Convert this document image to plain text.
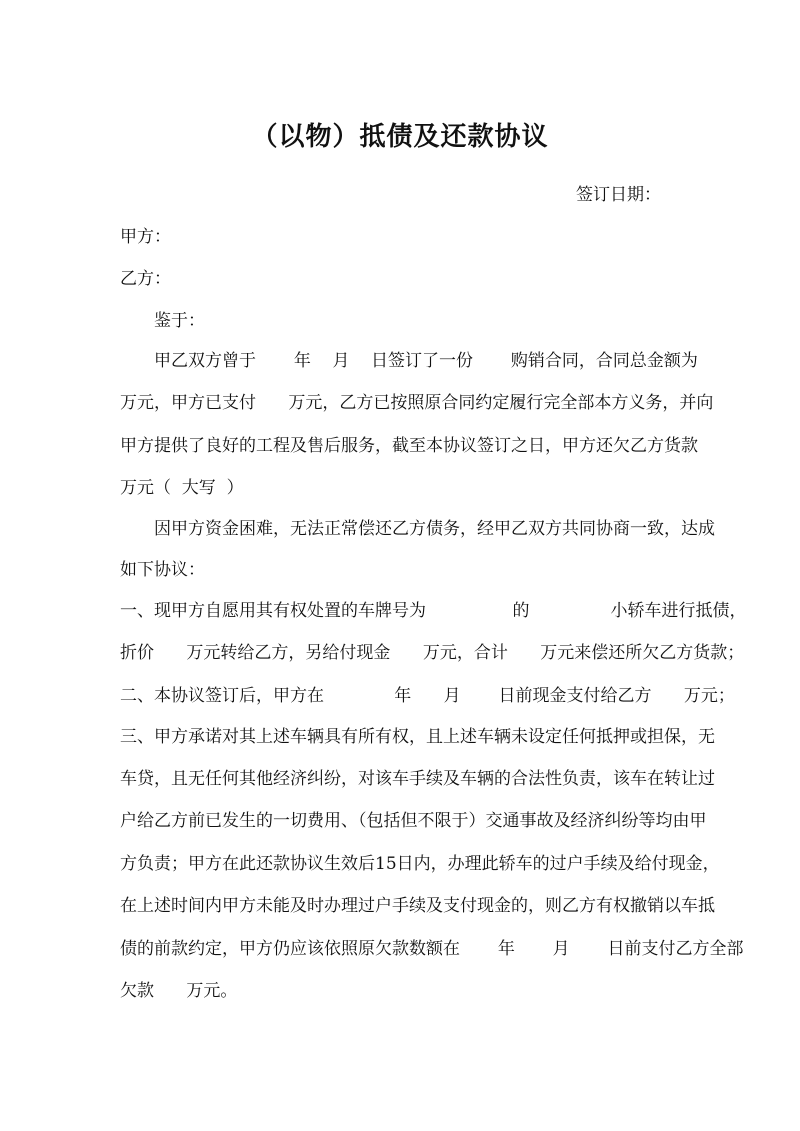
（以物）抵债及还款协议
签订日期：
甲方：
乙方：
鉴于：
甲乙双方曾于       年    月    日签订了一份       购销合同，合同总金额为
万元，甲方已支付      万元，乙方已按照原合同约定履行完全部本方义务，并向
甲方提供了良好的工程及售后服务，截至本协议签订之日，甲方还欠乙方货款
万元（  大写  ）
因甲方资金困难，无法正常偿还乙方债务，经甲乙双方共同协商一致，达成
如下协议：
一、现甲方自愿用其有权处置的车牌号为                的               小轿车进行抵债，
折价      万元转给乙方，另给付现金      万元，合计      万元来偿还所欠乙方货款；
二、本协议签订后，甲方在             年      月       日前现金支付给乙方      万元；
三、甲方承诺对其上述车辆具有所有权，且上述车辆未设定任何抵押或担保，无
车贷，且无任何其他经济纠纷，对该车手续及车辆的合法性负责，该车在转让过
户给乙方前已发生的一切费用、（包括但不限于）交通事故及经济纠纷等均由甲
方负责；甲方在此还款协议生效后15日内，办理此轿车的过户手续及给付现金，
在上述时间内甲方未能及时办理过户手续及支付现金的，则乙方有权撤销以车抵
债的前款约定，甲方仍应该依照原欠款数额在       年       月       日前支付乙方全部
欠款      万元。
